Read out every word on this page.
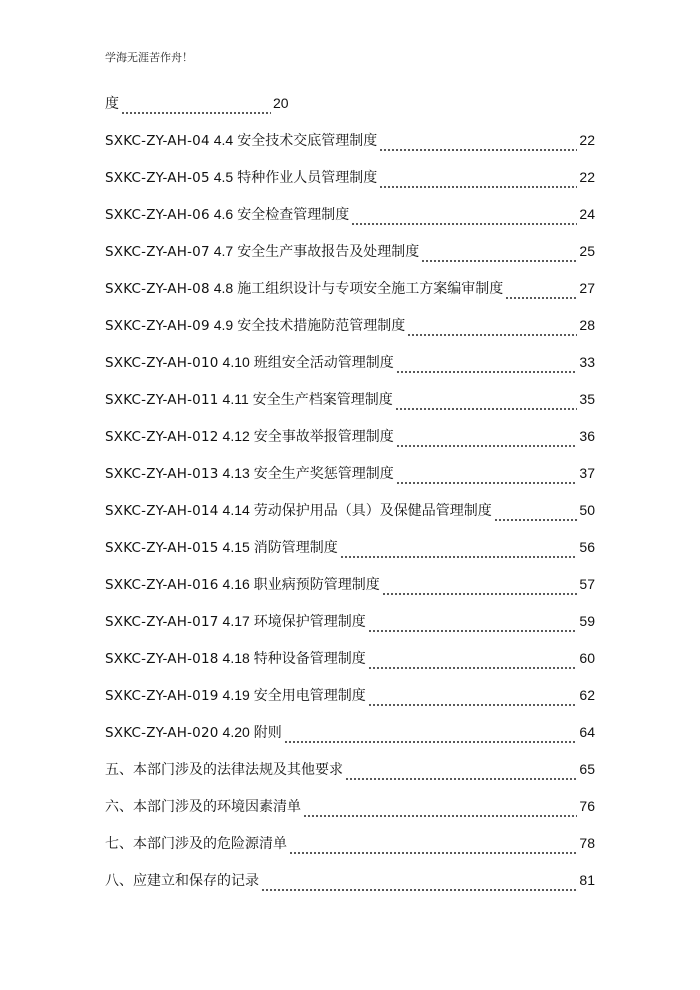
学海无涯苦作舟！
度	20
SXKC-ZY-AH-04 4.4 安全技术交底管理制度	22
SXKC-ZY-AH-05 4.5 特种作业人员管理制度	22
SXKC-ZY-AH-06 4.6 安全检查管理制度	24
SXKC-ZY-AH-07 4.7 安全生产事故报告及处理制度	25
SXKC-ZY-AH-08 4.8 施工组织设计与专项安全施工方案编审制度	27
SXKC-ZY-AH-09 4.9 安全技术措施防范管理制度	28
SXKC-ZY-AH-010 4.10 班组安全活动管理制度	33
SXKC-ZY-AH-011 4.11 安全生产档案管理制度	35
SXKC-ZY-AH-012 4.12 安全事故举报管理制度	36
SXKC-ZY-AH-013 4.13 安全生产奖惩管理制度	37
SXKC-ZY-AH-014 4.14 劳动保护用品（具）及保健品管理制度	50
SXKC-ZY-AH-015 4.15 消防管理制度	56
SXKC-ZY-AH-016 4.16 职业病预防管理制度	57
SXKC-ZY-AH-017 4.17 环境保护管理制度	59
SXKC-ZY-AH-018 4.18 特种设备管理制度	60
SXKC-ZY-AH-019 4.19 安全用电管理制度	62
SXKC-ZY-AH-020 4.20 附则	64
五、本部门涉及的法律法规及其他要求	65
六、本部门涉及的环境因素清单	76
七、本部门涉及的危险源清单	78
八、应建立和保存的记录	81
